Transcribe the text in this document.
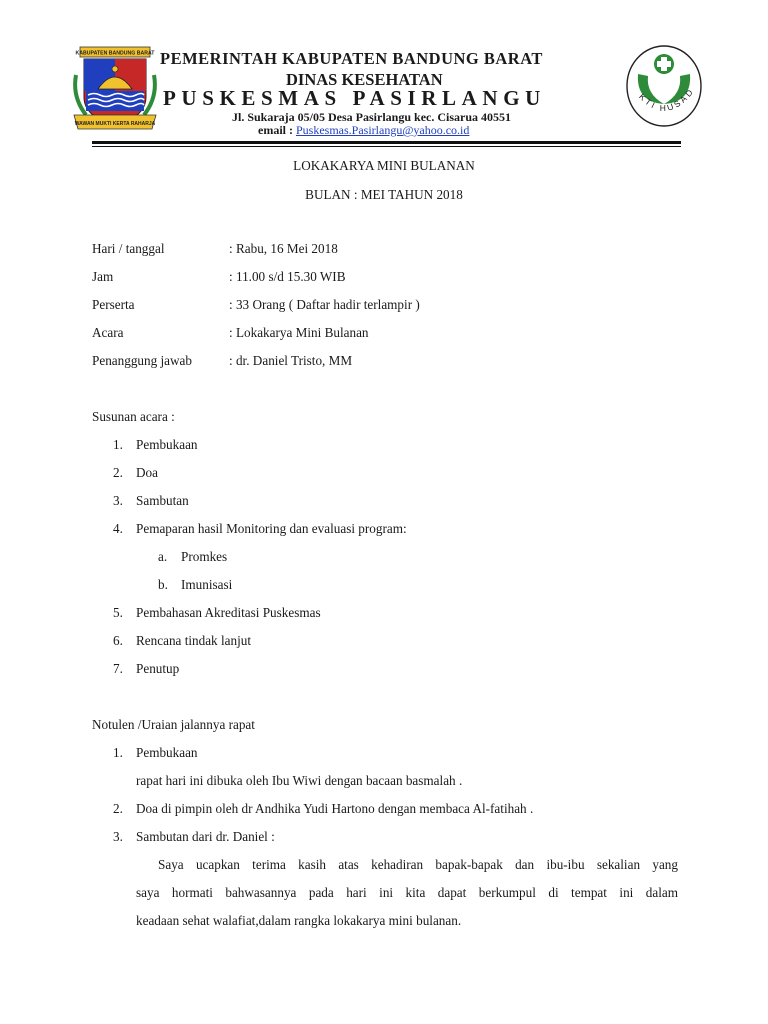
KABUPATEN BANDUNG BARAT
WAWAN MUKTI KERTA RAHARJA
KTI HUSAD
PEMERINTAH KABUPATEN BANDUNG BARAT
DINAS KESEHATAN
PUSKESMAS PASIRLANGU
Jl. Sukaraja 05/05 Desa Pasirlangu kec. Cisarua 40551
email : Puskesmas.Pasirlangu@yahoo.co.id
LOKAKARYA MINI BULANAN
BULAN : MEI TAHUN 2018
Hari / tanggal	: Rabu, 16 Mei 2018
Jam	: 11.00 s/d 15.30 WIB
Perserta	: 33 Orang ( Daftar hadir terlampir )
Acara	: Lokakarya Mini Bulanan
Penanggung jawab	: dr. Daniel Tristo, MM
Susunan acara :
1. Pembukaan
2. Doa
3. Sambutan
4. Pemaparan hasil Monitoring dan evaluasi program:
a. Promkes
b. Imunisasi
5. Pembahasan Akreditasi Puskesmas
6. Rencana tindak lanjut
7. Penutup
Notulen /Uraian jalannya rapat
1. Pembukaan
rapat hari ini dibuka oleh Ibu Wiwi dengan bacaan basmalah .
2. Doa di pimpin oleh dr Andhika Yudi Hartono dengan membaca Al-fatihah .
3. Sambutan dari dr. Daniel :
Saya ucapkan terima kasih atas kehadiran bapak-bapak dan ibu-ibu sekalian yang
saya hormati bahwasannya pada hari ini kita dapat berkumpul di tempat ini dalam
keadaan sehat walafiat,dalam rangka lokakarya mini bulanan.
